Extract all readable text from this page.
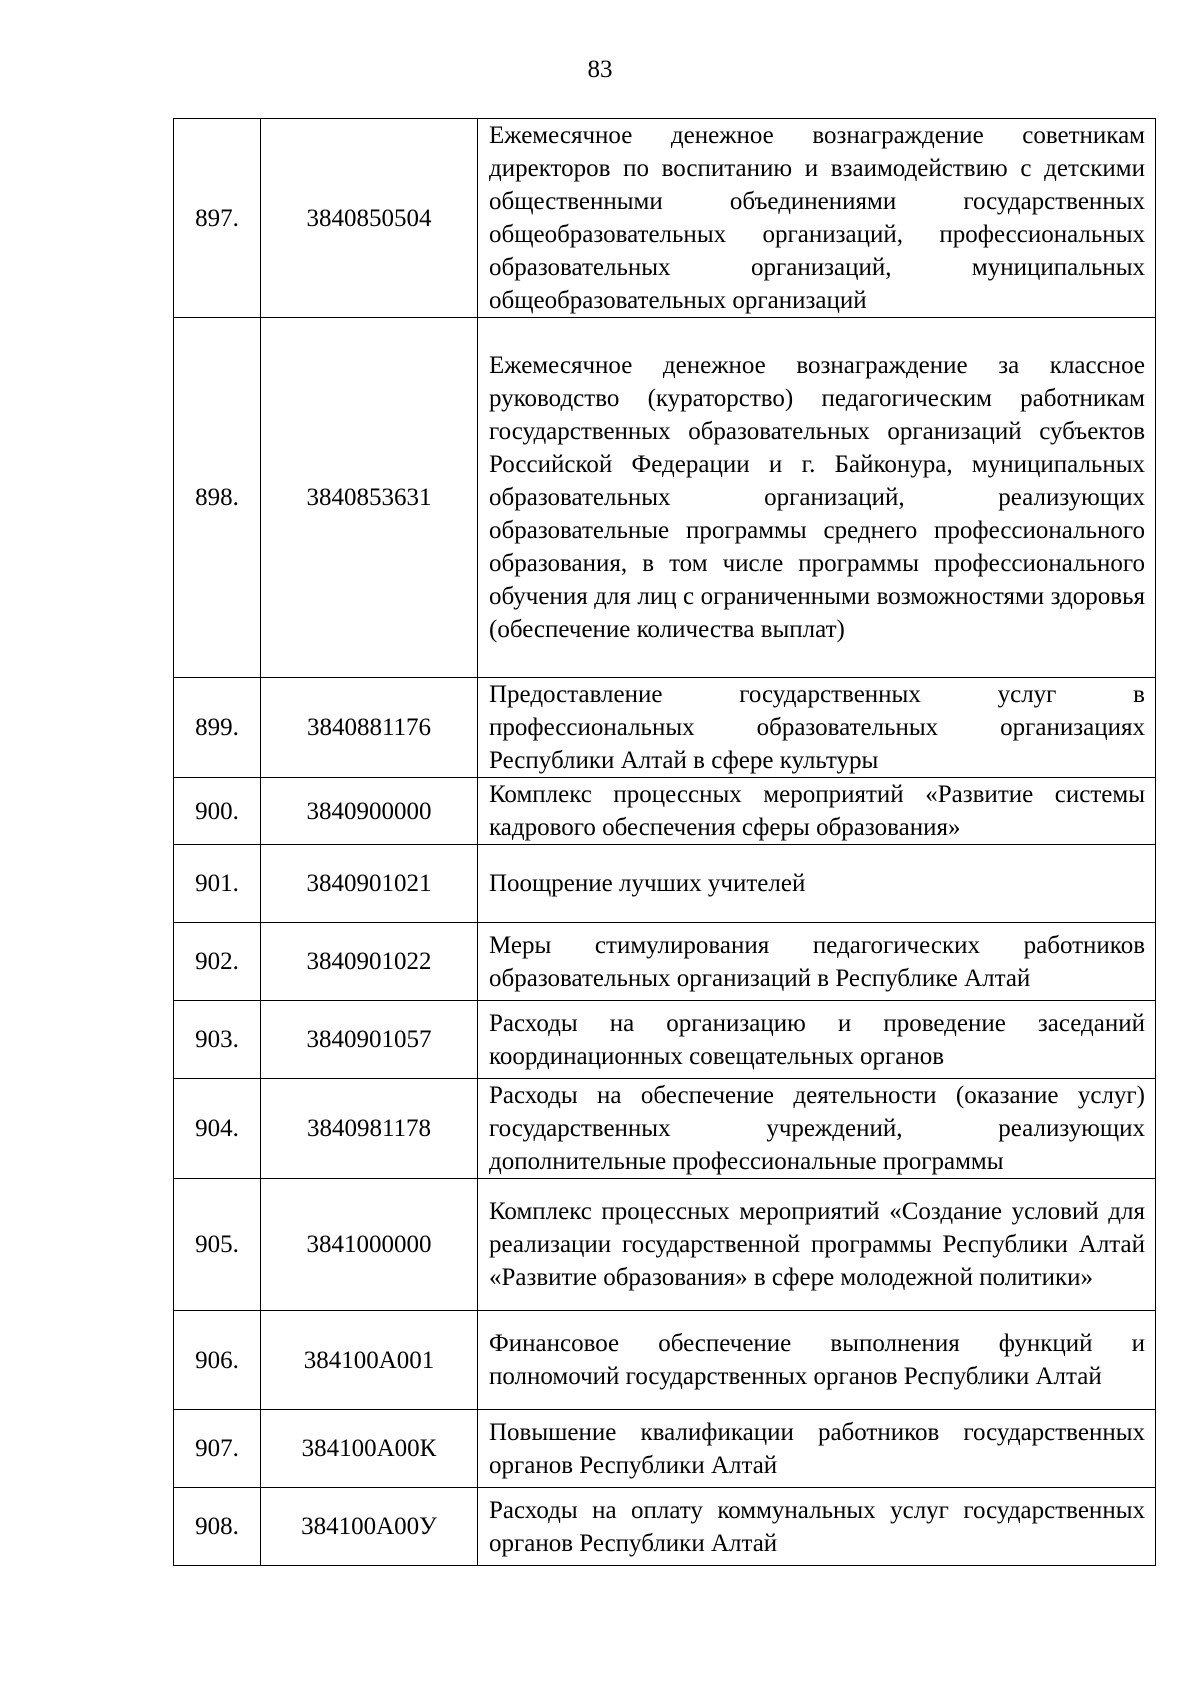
83
897.	3840850504	Ежемесячное денежное вознаграждение советникам директоров по воспитанию и взаимодействию с детскими общественными объединениями государственных общеобразовательных организаций, профессиональных образовательных организаций, муниципальных общеобразовательных организаций
898.	3840853631	Ежемесячное денежное вознаграждение за классное руководство (кураторство) педагогическим работникам государственных образовательных организаций субъектов Российской Федерации и г. Байконура, муниципальных образовательных организаций, реализующих образовательные программы среднего профессионального образования, в том числе программы профессионального обучения для лиц с ограниченными возможностями здоровья (обеспечение количества выплат)
899.	3840881176	Предоставление государственных услуг в профессиональных образовательных организациях Республики Алтай в сфере культуры
900.	3840900000	Комплекс процессных мероприятий «Развитие системы кадрового обеспечения сферы образования»
901.	3840901021	Поощрение лучших учителей
902.	3840901022	Меры стимулирования педагогических работников образовательных организаций в Республике Алтай
903.	3840901057	Расходы на организацию и проведение заседаний координационных совещательных органов
904.	3840981178	Расходы на обеспечение деятельности (оказание услуг) государственных учреждений, реализующих дополнительные профессиональные программы
905.	3841000000	Комплекс процессных мероприятий «Создание условий для реализации государственной программы Республики Алтай «Развитие образования» в сфере молодежной политики»
906.	384100А001	Финансовое обеспечение выполнения функций и полномочий государственных органов Республики Алтай
907.	384100А00К	Повышение квалификации работников государственных органов Республики Алтай
908.	384100А00У	Расходы на оплату коммунальных услуг государственных органов Республики Алтай
